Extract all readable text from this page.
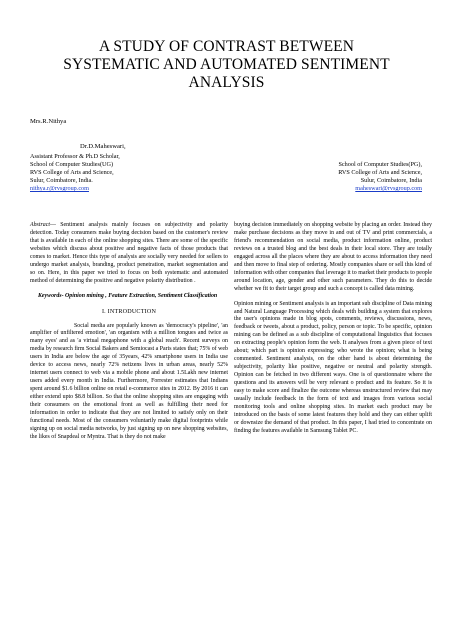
A STUDY OF CONTRAST BETWEEN
SYSTEMATIC AND AUTOMATED SENTIMENT
ANALYSIS
Mrs.R.Nithya
Dr.D.Maheswari,
Assistant Professor & Ph.D Scholar,
School of Computer Studies(UG)
RVS College of Arts and Science,
Sulur, Coimbatore, India.
nithya.r@rvsgroup.com
School of Computer Studies(PG),
RVS College of Arts and Science,
Sulur, Coimbatore, India
maheswari@rvsgroup.com

Abstract— Sentiment analysis mainly focuses on subjectivity and polarity detection. Today consumers make buying decision based on the customer's review that is available in each of the online shopping sites. There are some of the specific websites which discuss about positive and negative facts of those products that comes to market. Hence this type of analysis are socially very needed for sellers to undergo market analysis, branding, product penetration, market segmentation and so on. Here, in this paper we tried to focus on both systematic and automated method of determining the positive and negative polarity distribution .

Keywords- Opinion mining , Feature Extraction, Sentiment Classification

I. INTRODUCTION

Social media are popularly known as 'democracy's pipeline', 'an amplifier of unfiltered emotion', 'an organism with a million tongues and twice as many eyes' and as 'a virtual megaphone with a global reach'. Recent surveys on media by research firm Social Bakers and Semiocast a Paris states that; 75% of web users in India are below the age of 35years, 42% smartphone users in India use device to access news, nearly 72% netizens lives in urban areas, nearly 52% internet users connect to web via a mobile phone and about 1.5Lakh new internet users added every month in India. Furthermore, Forrester estimates that Indians spent around $1.6 billion online on retail e-commerce sites in 2012. By 2016 it can either extend upto $8.8 billion. So that the online shopping sites are engaging with their consumers on the emotional front as well as fulfilling their need for information in order to indicate that they are not limited to satisfy only on their functional needs. Most of the consumers voluntarily make digital footprints while signing up on social media networks, by just signing up on new shopping websites, the likes of Snapdeal or Myntra. That is they do not make

buying decision immediately on shopping website by placing an order. Instead they make purchase decisions as they move in and out of TV and print commercials, a friend's recommendation on social media, product information online, product reviews on a trusted blog and the best deals in their local store. They are totally engaged across all the places where they are about to access information they need and then move to final step of ordering. Mostly companies share or sell this kind of information with other companies that leverage it to market their products to people around location, age, gender and other such parameters. They do this to decide whether we fit to their target group and such a concept is called data mining.

Opinion mining or Sentiment analysis is an important sub discipline of Data mining and Natural Language Processing which deals with building a system that explores the user's opinions made in blog spots, comments, reviews, discussions, news, feedback or tweets, about a product, policy, person or topic. To be specific, opinion mining can be defined as a sub discipline of computational linguistics that focuses on extracting people's opinion form the web. It analyses from a given piece of text about; which part is opinion expressing; who wrote the opinion; what is being commented. Sentiment analysis, on the other hand is about determining the subjectivity, polarity like positive, negative or neutral and polarity strength. Opinion can be fetched in two different ways. One is of questionnaire where the questions and its answers will be very relevant o product and its feature. So it is easy to make score and finalize the outcome whereas unstructured review that may usually include feedback in the form of text and images from various social monitoring tools and online shopping sites. In market each product may be introduced on the basis of some latest features they hold and they can either uplift or downsize the demand of that product. In this paper, I had tried to concentrate on finding the features available in Samsung Tablet PC.
